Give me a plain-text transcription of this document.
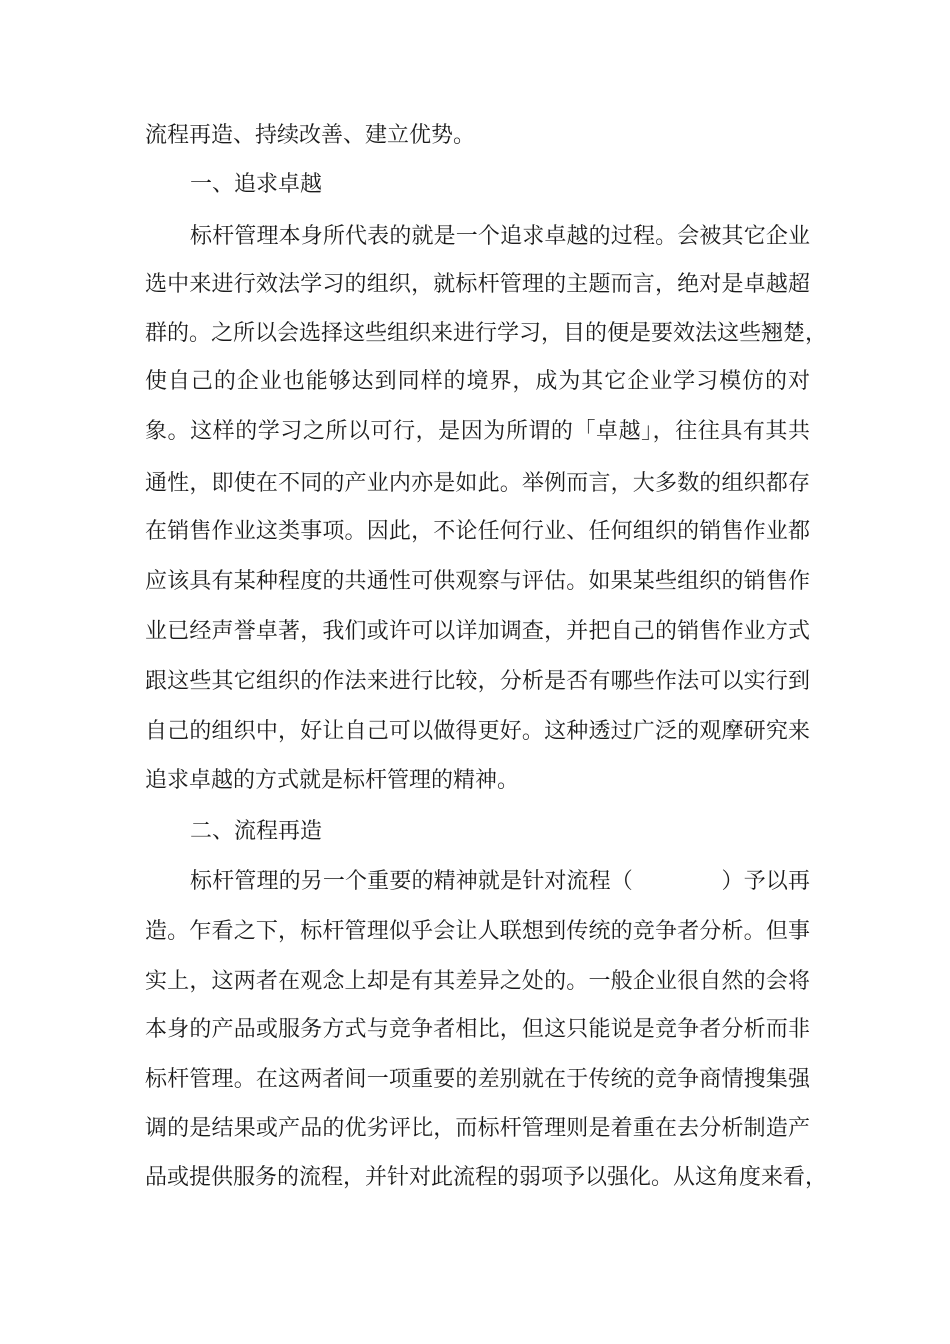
流程再造、持续改善、建立优势。
一、追求卓越
标杆管理本身所代表的就是一个追求卓越的过程。会被其它企业
选中来进行效法学习的组织，就标杆管理的主题而言，绝对是卓越超
群的。之所以会选择这些组织来进行学习，目的便是要效法这些翘楚，
使自己的企业也能够达到同样的境界，成为其它企业学习模仿的对
象。这样的学习之所以可行，是因为所谓的「卓越」，往往具有其共
通性，即使在不同的产业内亦是如此。举例而言，大多数的组织都存
在销售作业这类事项。因此，不论任何行业、任何组织的销售作业都
应该具有某种程度的共通性可供观察与评估。如果某些组织的销售作
业已经声誉卓著，我们或许可以详加调查，并把自己的销售作业方式
跟这些其它组织的作法来进行比较，分析是否有哪些作法可以实行到
自己的组织中，好让自己可以做得更好。这种透过广泛的观摩研究来
追求卓越的方式就是标杆管理的精神。
二、流程再造
标杆管理的另一个重要的精神就是针对流程（　　　　）予以再
造。乍看之下，标杆管理似乎会让人联想到传统的竞争者分析。但事
实上，这两者在观念上却是有其差异之处的。一般企业很自然的会将
本身的产品或服务方式与竞争者相比，但这只能说是竞争者分析而非
标杆管理。在这两者间一项重要的差别就在于传统的竞争商情搜集强
调的是结果或产品的优劣评比，而标杆管理则是着重在去分析制造产
品或提供服务的流程，并针对此流程的弱项予以强化。从这角度来看，
